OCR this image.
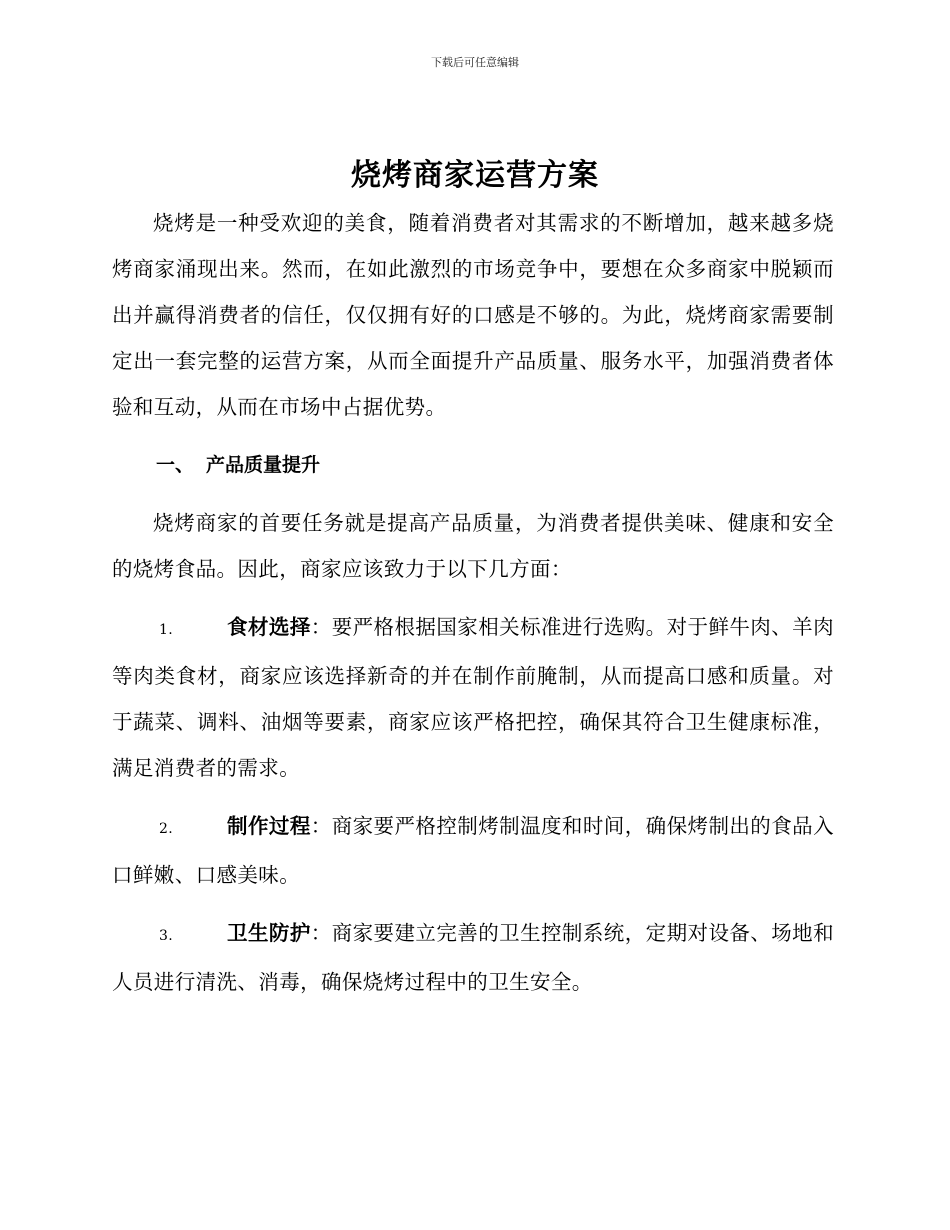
下载后可任意编辑
烧烤商家运营方案

烧烤是一种受欢迎的美食，随着消费者对其需求的不断增加，越来越多烧烤商家涌现出来。然而，在如此激烈的市场竞争中，要想在众多商家中脱颖而出并赢得消费者的信任，仅仅拥有好的口感是不够的。为此，烧烤商家需要制定出一套完整的运营方案，从而全面提升产品质量、服务水平，加强消费者体验和互动，从而在市场中占据优势。

一、 产品质量提升

烧烤商家的首要任务就是提高产品质量，为消费者提供美味、健康和安全的烧烤食品。因此，商家应该致力于以下几方面：

1.	食材选择：要严格根据国家相关标准进行选购。对于鲜牛肉、羊肉等肉类食材，商家应该选择新奇的并在制作前腌制，从而提高口感和质量。对于蔬菜、调料、油烟等要素，商家应该严格把控，确保其符合卫生健康标准，满足消费者的需求。

2.	制作过程：商家要严格控制烤制温度和时间，确保烤制出的食品入口鲜嫩、口感美味。

3.	卫生防护：商家要建立完善的卫生控制系统，定期对设备、场地和人员进行清洗、消毒，确保烧烤过程中的卫生安全。
